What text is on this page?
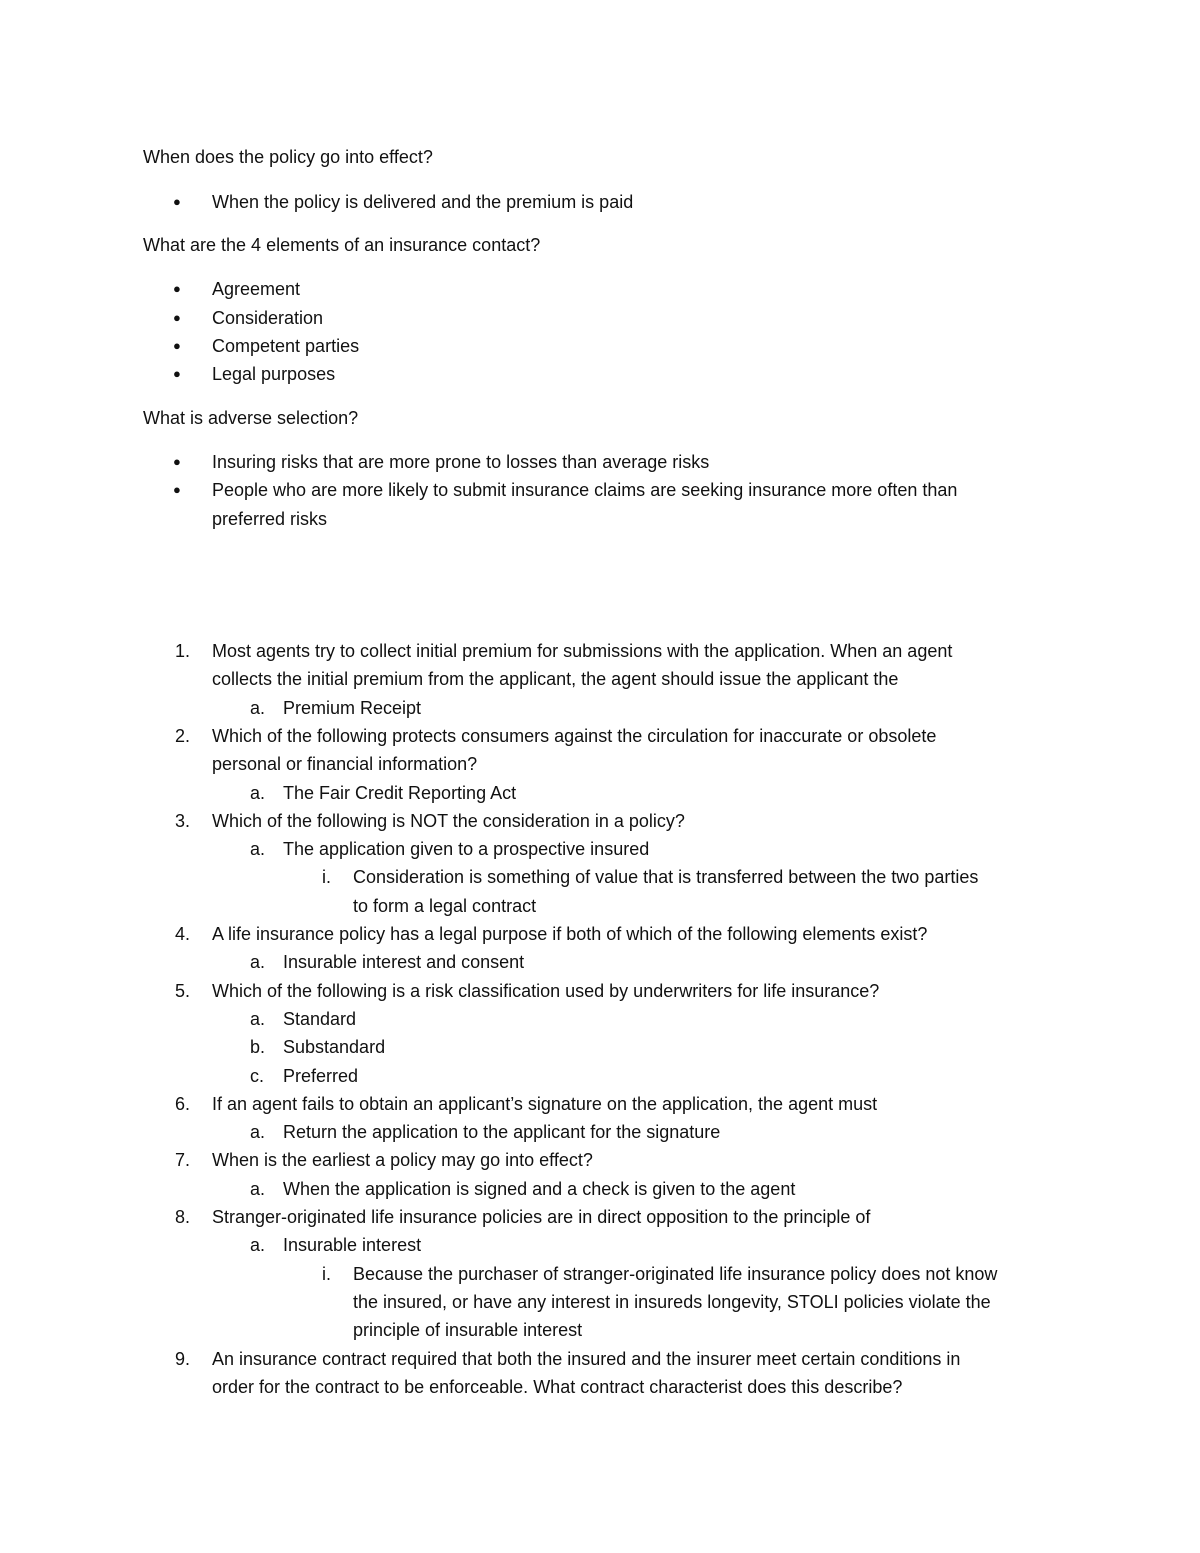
When does the policy go into effect?
● When the policy is delivered and the premium is paid
What are the 4 elements of an insurance contact?
● Agreement
● Consideration
● Competent parties
● Legal purposes
What is adverse selection?
● Insuring risks that are more prone to losses than average risks
● People who are more likely to submit insurance claims are seeking insurance more often than
preferred risks
1. Most agents try to collect initial premium for submissions with the application. When an agent
collects the initial premium from the applicant, the agent should issue the applicant the
a. Premium Receipt
2. Which of the following protects consumers against the circulation for inaccurate or obsolete
personal or financial information?
a. The Fair Credit Reporting Act
3. Which of the following is NOT the consideration in a policy?
a. The application given to a prospective insured
i. Consideration is something of value that is transferred between the two parties
to form a legal contract
4. A life insurance policy has a legal purpose if both of which of the following elements exist?
a. Insurable interest and consent
5. Which of the following is a risk classification used by underwriters for life insurance?
a. Standard
b. Substandard
c. Preferred
6. If an agent fails to obtain an applicant’s signature on the application, the agent must
a. Return the application to the applicant for the signature
7. When is the earliest a policy may go into effect?
a. When the application is signed and a check is given to the agent
8. Stranger-originated life insurance policies are in direct opposition to the principle of
a. Insurable interest
i. Because the purchaser of stranger-originated life insurance policy does not know
the insured, or have any interest in insureds longevity, STOLI policies violate the
principle of insurable interest
9. An insurance contract required that both the insured and the insurer meet certain conditions in
order for the contract to be enforceable. What contract characterist does this describe?
